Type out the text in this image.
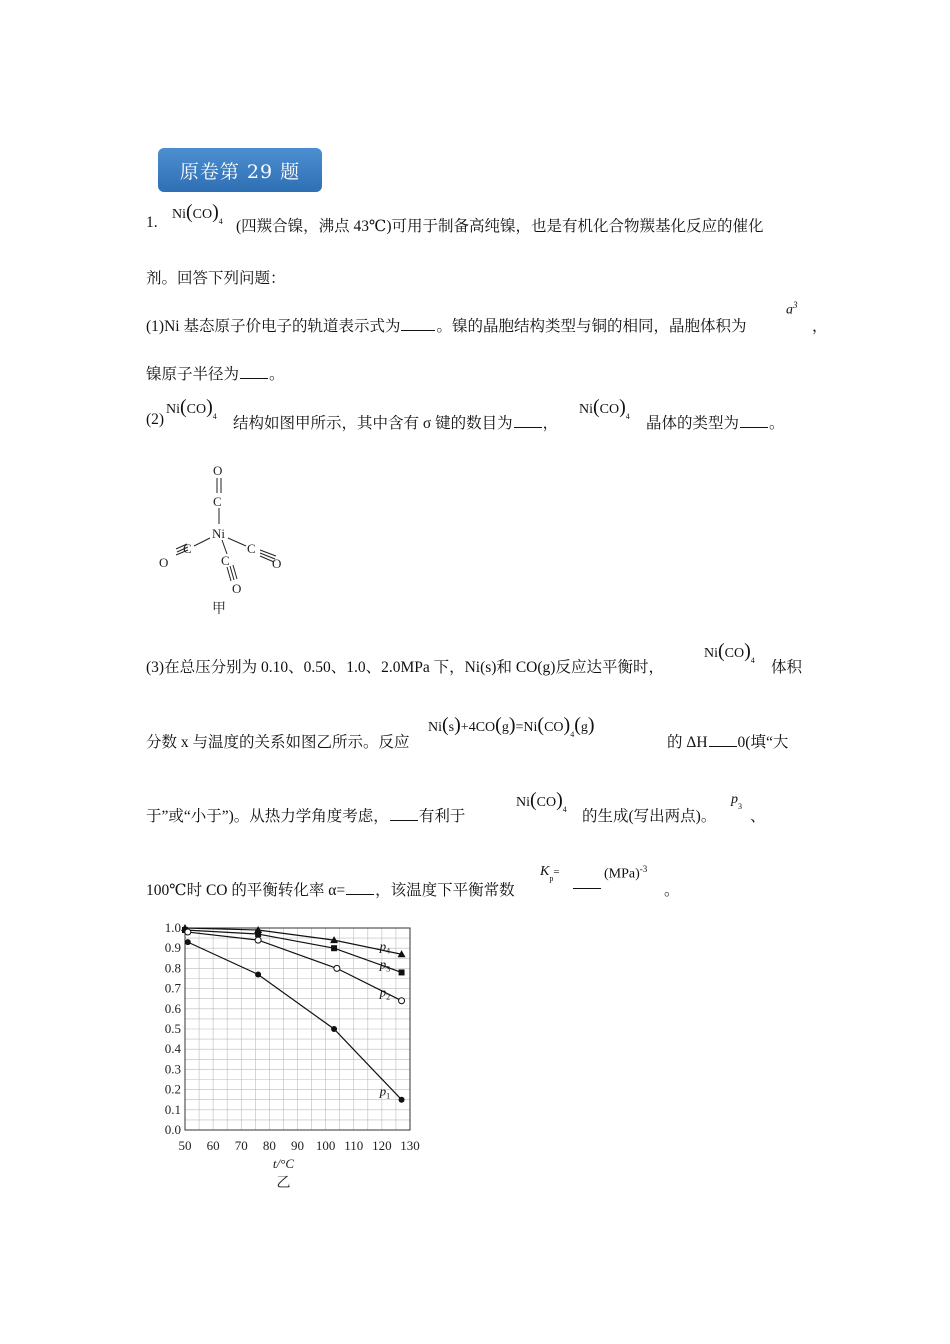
原卷第 29 题
1. $Ni(CO)_4$ (四羰合镍，沸点 43℃)可用于制备高纯镍，也是有机化合物羰基化反应的催化
剂。回答下列问题：
(1)Ni 基态原子价电子的轨道表示式为 。镍的晶胞结构类型与铜的相同，晶胞体积为
$a^3$
，
镍原子半径为 。
(2)
$Ni(CO)_4$ 结构如图甲所示，其中含有 σ 键的数目为 ，
$Ni(CO)_4$ 晶体的类型为 。
O
C
Ni
C
O
C
O
C
O
甲
(3)在总压分别为 0.10、0.50、1.0、2.0MPa 下，Ni(s)和 CO(g)反应达平衡时，
$Ni(CO)_4$ 体积
分数 x 与温度的关系如图乙所示。反应
$Ni(s)+4CO(g)=Ni(CO)_4(g)$
的 ΔH 0(填“大
于”或“小于”)。从热力学角度考虑， 有利于
$Ni(CO)_4$ 的生成(写出两点)。
$p_3$
、
100℃时 CO 的平衡转化率 α= ，该温度下平衡常数
$K_p=$	(MPa)$^{-3}$
。
50 60 70 80 90 100 110 120 130
0.0
0.1
0.2
0.3
0.4
0.5
0.6
0.7
0.8
0.9
1.0
t/°C
乙
$p_4$
$p_3$
$p_2$
$p_1$
